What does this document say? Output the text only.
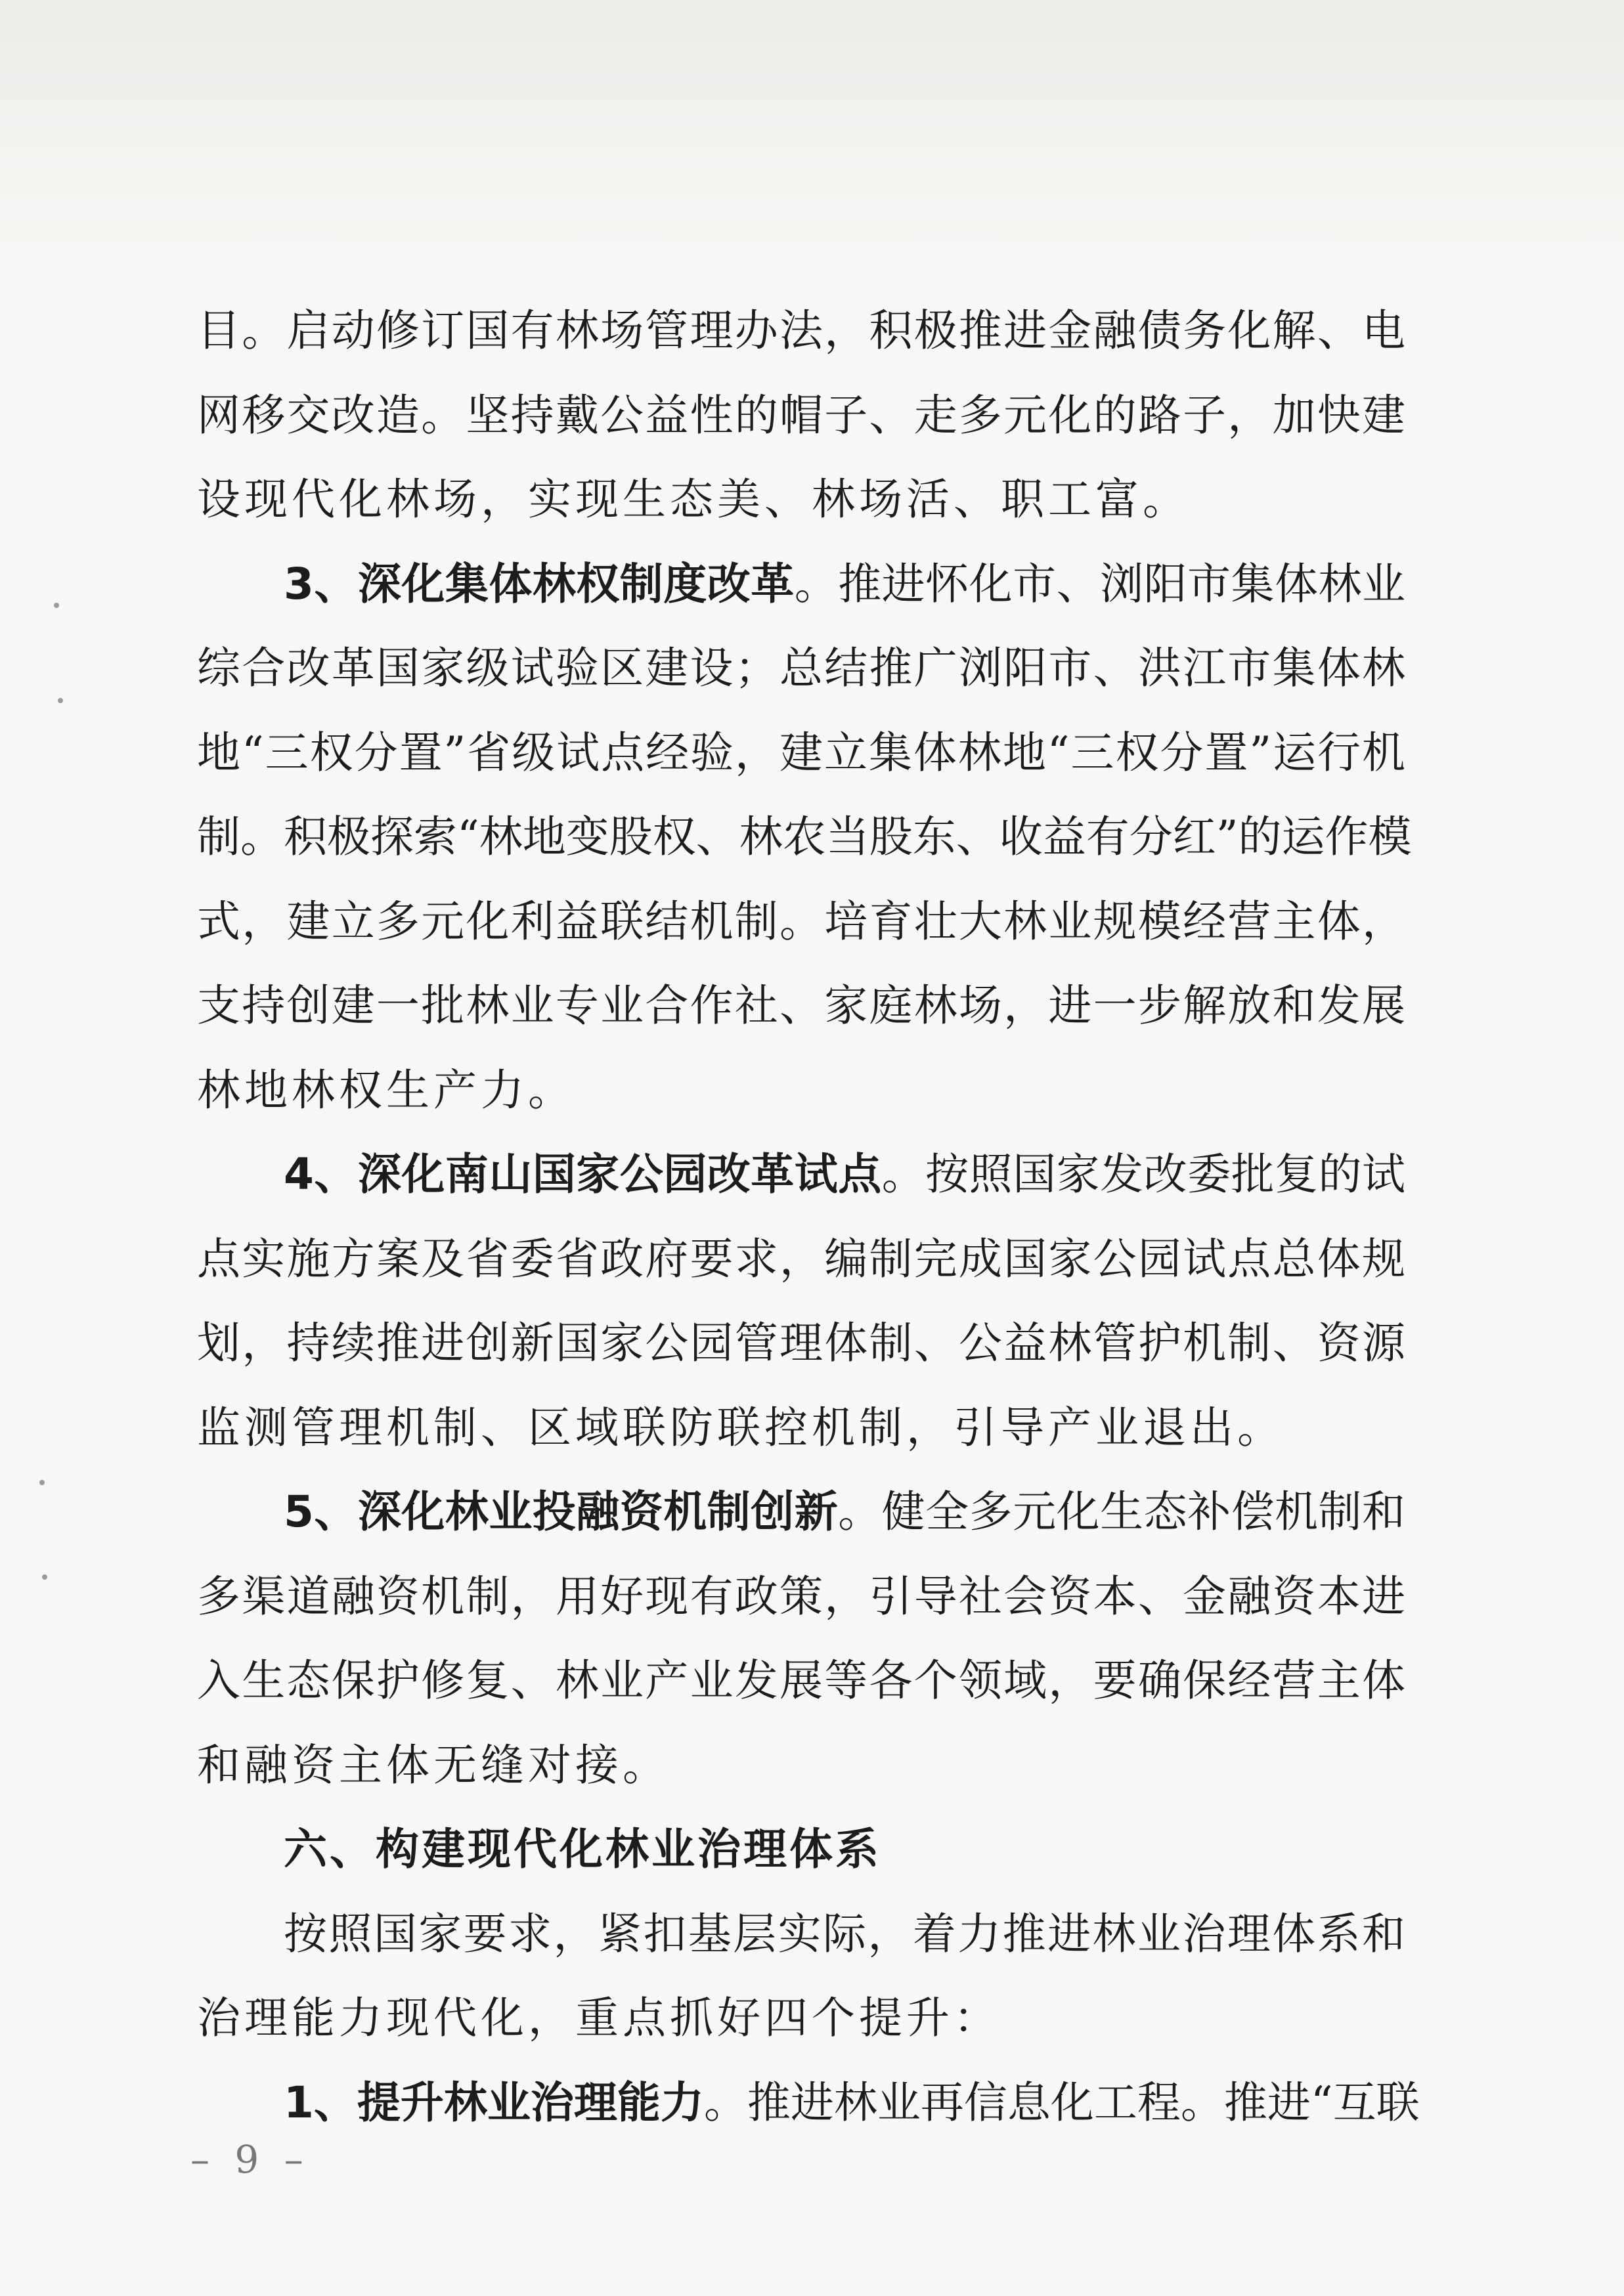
目。启动修订国有林场管理办法，积极推进金融债务化解、电
网移交改造。坚持戴公益性的帽子、走多元化的路子，加快建
设现代化林场，实现生态美、林场活、职工富。
3、深化集体林权制度改革。推进怀化市、浏阳市集体林业
综合改革国家级试验区建设；总结推广浏阳市、洪江市集体林
地“三权分置”省级试点经验，建立集体林地“三权分置”运行机
制。积极探索“林地变股权、林农当股东、收益有分红”的运作模
式，建立多元化利益联结机制。培育壮大林业规模经营主体，
支持创建一批林业专业合作社、家庭林场，进一步解放和发展
林地林权生产力。
4、深化南山国家公园改革试点。按照国家发改委批复的试
点实施方案及省委省政府要求，编制完成国家公园试点总体规
划，持续推进创新国家公园管理体制、公益林管护机制、资源
监测管理机制、区域联防联控机制，引导产业退出。
5、深化林业投融资机制创新。健全多元化生态补偿机制和
多渠道融资机制，用好现有政策，引导社会资本、金融资本进
入生态保护修复、林业产业发展等各个领域，要确保经营主体
和融资主体无缝对接。
六、构建现代化林业治理体系
按照国家要求，紧扣基层实际，着力推进林业治理体系和
治理能力现代化，重点抓好四个提升：
1、提升林业治理能力。推进林业再信息化工程。推进“互联
– 9 –
